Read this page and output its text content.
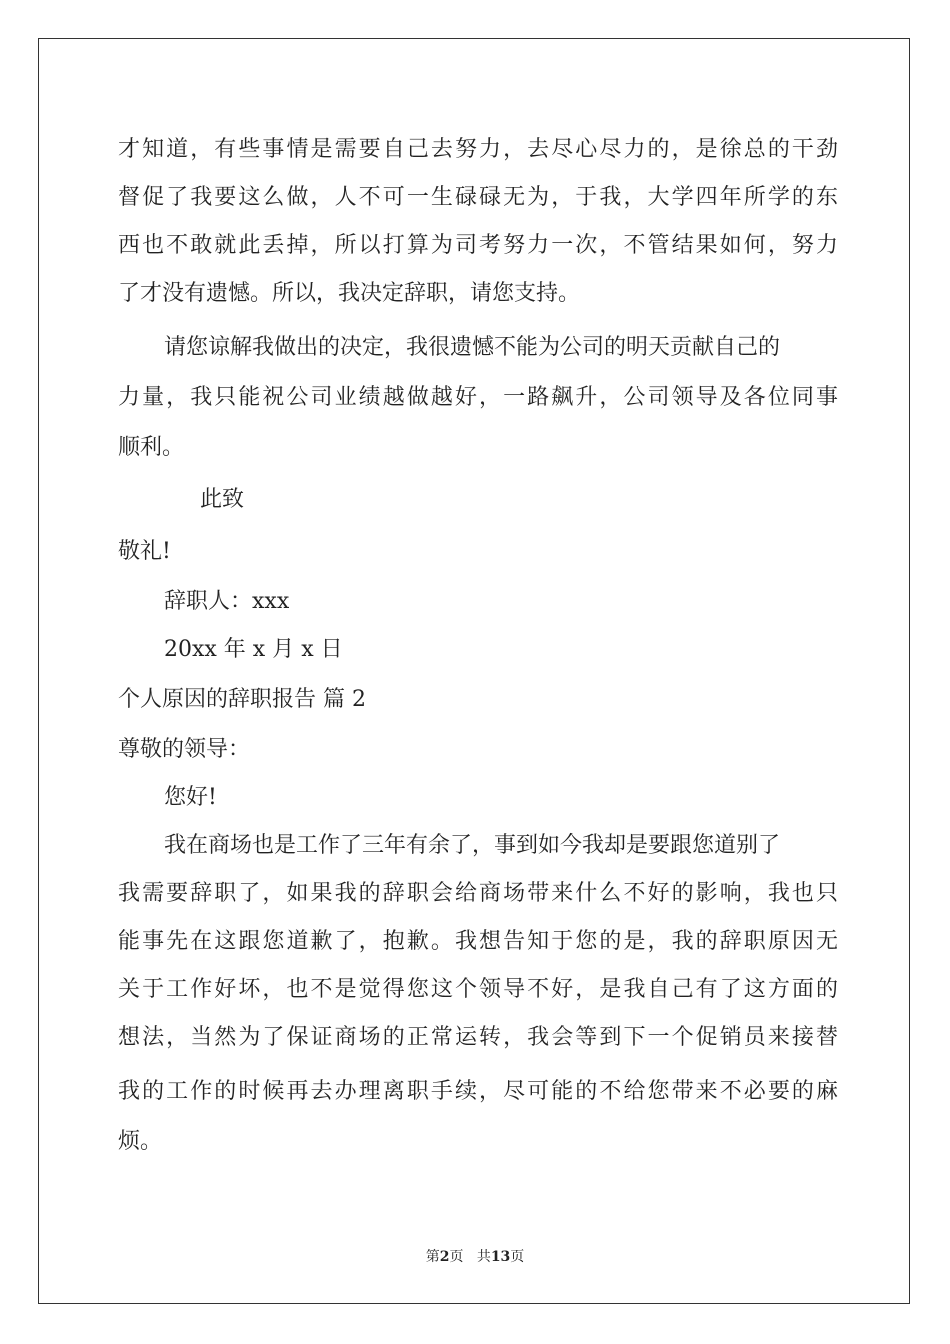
才知道，有些事情是需要自己去努力，去尽心尽力的，是徐总的干劲
督促了我要这么做，人不可一生碌碌无为，于我，大学四年所学的东
西也不敢就此丢掉，所以打算为司考努力一次，不管结果如何，努力
了才没有遗憾。所以，我决定辞职，请您支持。
请您谅解我做出的决定，我很遗憾不能为公司的明天贡献自己的
力量，我只能祝公司业绩越做越好，一路飙升，公司领导及各位同事
顺利。
此致
敬礼!
辞职人：xxx
20xx 年 x 月 x 日
个人原因的辞职报告 篇 2
尊敬的领导：
您好!
我在商场也是工作了三年有余了，事到如今我却是要跟您道别了
我需要辞职了，如果我的辞职会给商场带来什么不好的影响，我也只
能事先在这跟您道歉了，抱歉。我想告知于您的是，我的辞职原因无
关于工作好坏，也不是觉得您这个领导不好，是我自己有了这方面的
想法，当然为了保证商场的正常运转，我会等到下一个促销员来接替
我的工作的时候再去办理离职手续，尽可能的不给您带来不必要的麻
烦。
第2页 共13页
